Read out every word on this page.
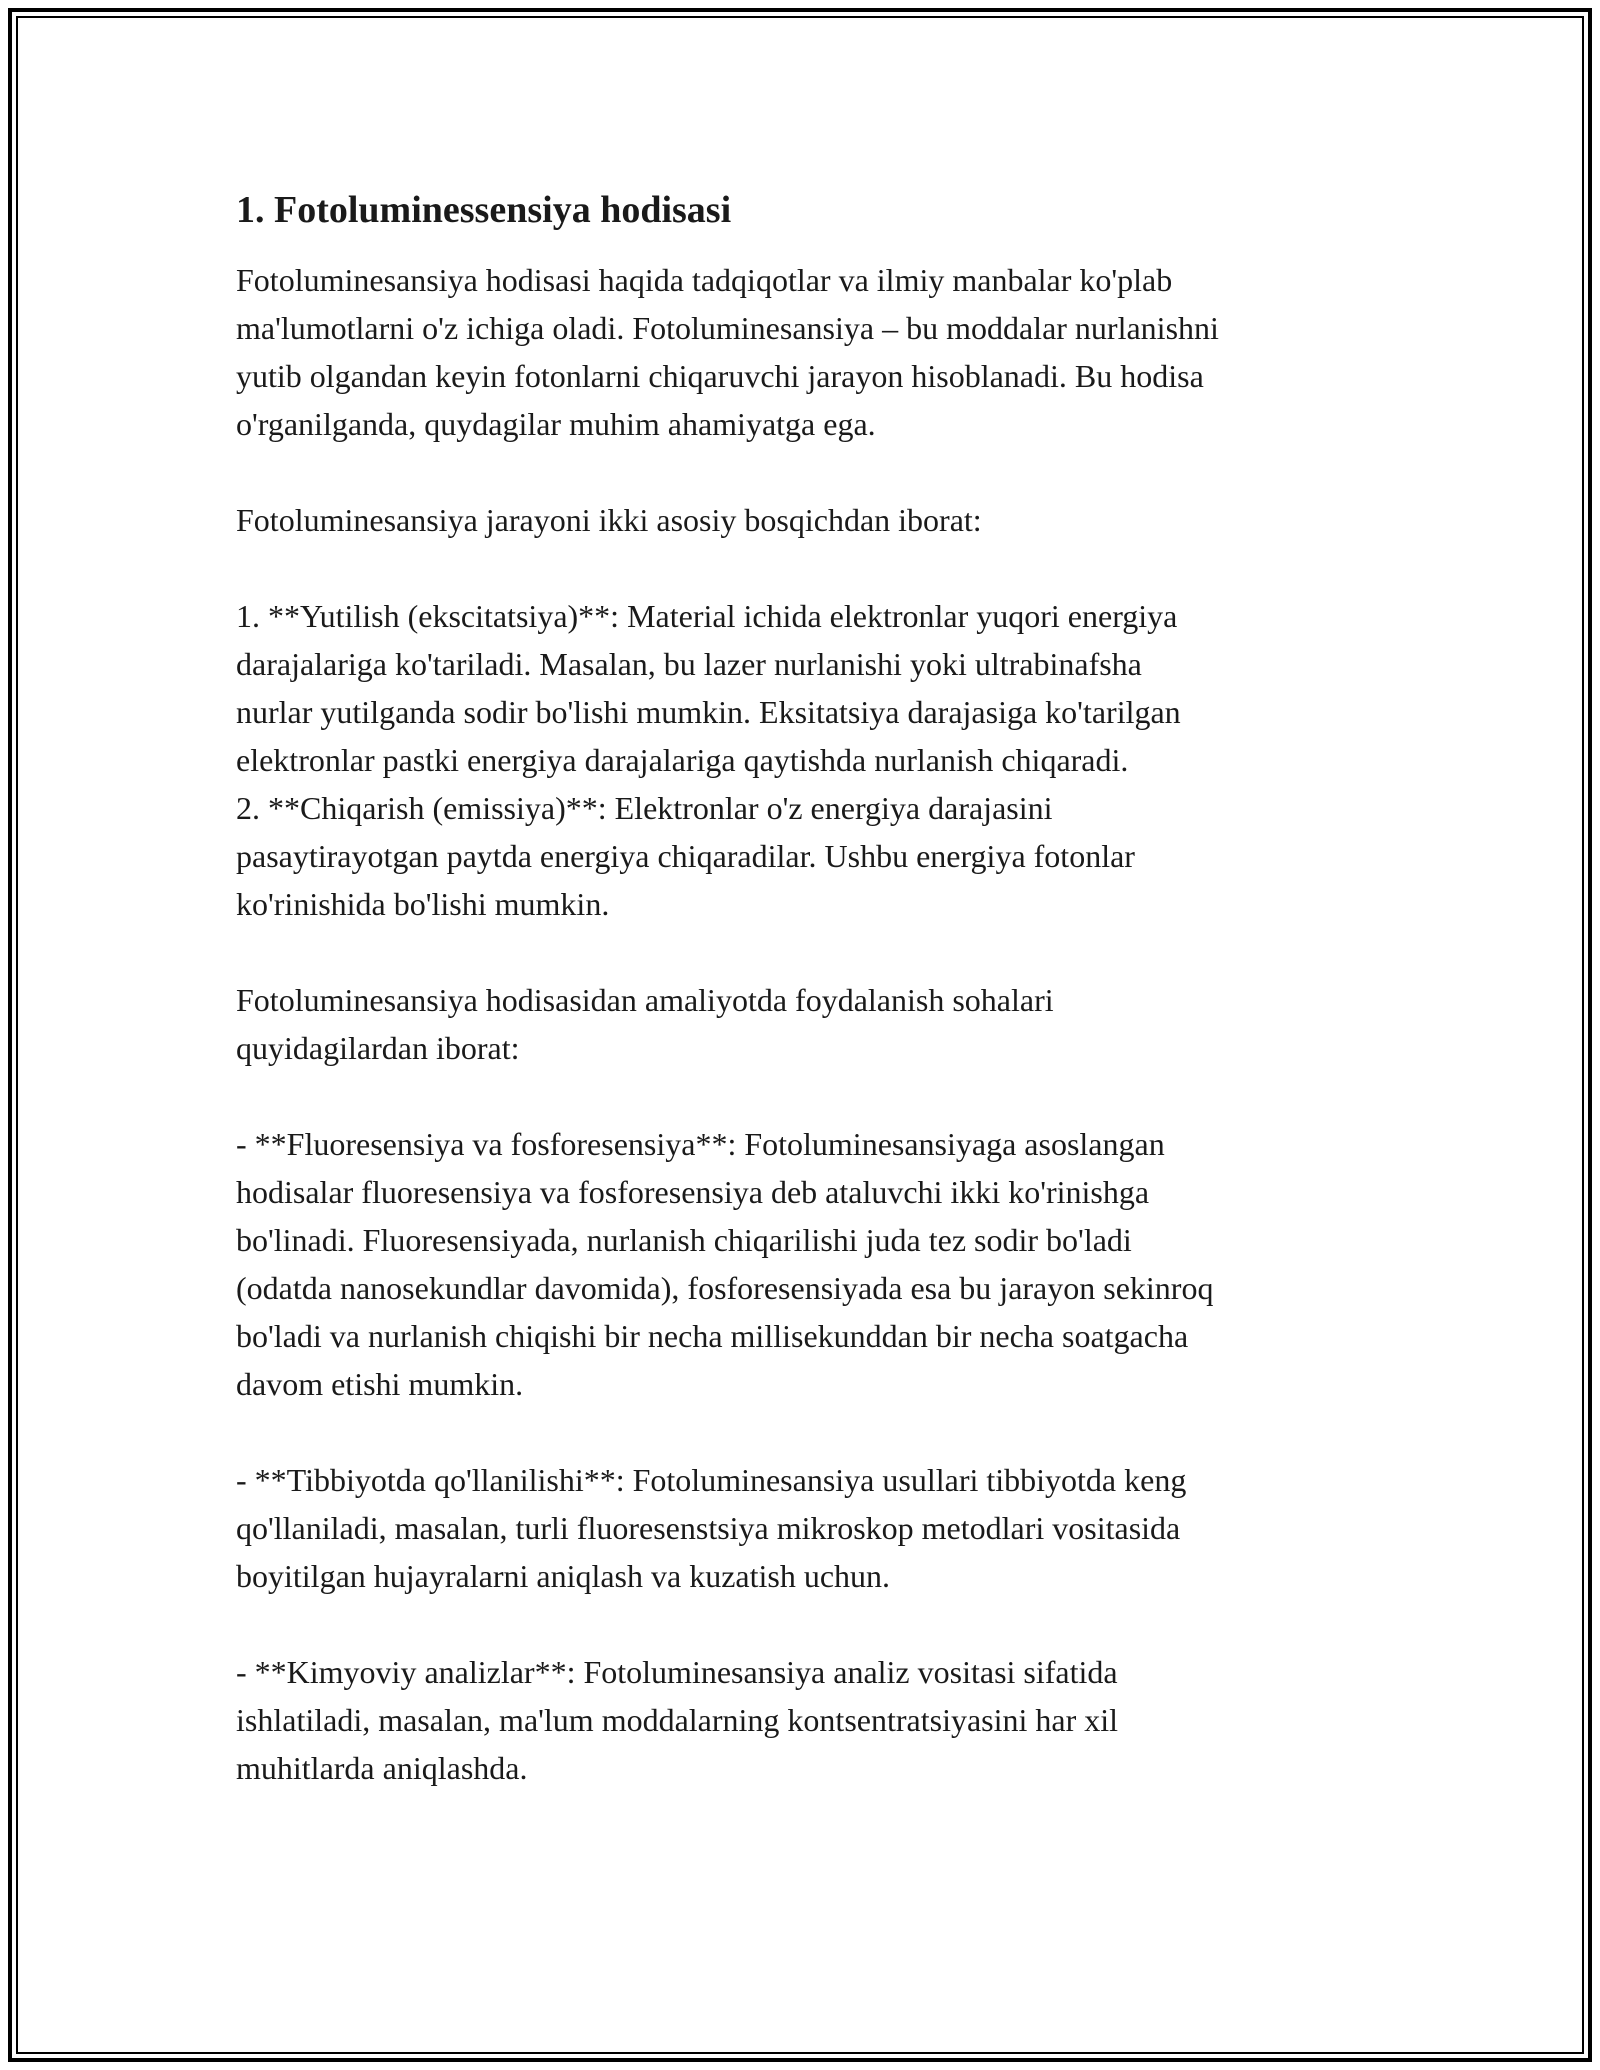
1. Fotoluminessensiya hodisasi

Fotoluminesansiya hodisasi haqida tadqiqotlar va ilmiy manbalar ko'plab
ma'lumotlarni o'z ichiga oladi. Fotoluminesansiya – bu moddalar nurlanishni
yutib olgandan keyin fotonlarni chiqaruvchi jarayon hisoblanadi. Bu hodisa
o'rganilganda, quydagilar muhim ahamiyatga ega.

Fotoluminesansiya jarayoni ikki asosiy bosqichdan iborat:

1. **Yutilish (ekscitatsiya)**: Material ichida elektronlar yuqori energiya
darajalariga ko'tariladi. Masalan, bu lazer nurlanishi yoki ultrabinafsha
nurlar yutilganda sodir bo'lishi mumkin. Eksitatsiya darajasiga ko'tarilgan
elektronlar pastki energiya darajalariga qaytishda nurlanish chiqaradi.

2. **Chiqarish (emissiya)**: Elektronlar o'z energiya darajasini
pasaytirayotgan paytda energiya chiqaradilar. Ushbu energiya fotonlar
ko'rinishida bo'lishi mumkin.

Fotoluminesansiya hodisasidan amaliyotda foydalanish sohalari
quyidagilardan iborat:

- **Fluoresensiya va fosforesensiya**: Fotoluminesansiyaga asoslangan
hodisalar fluoresensiya va fosforesensiya deb ataluvchi ikki ko'rinishga
bo'linadi. Fluoresensiyada, nurlanish chiqarilishi juda tez sodir bo'ladi
(odatda nanosekundlar davomida), fosforesensiyada esa bu jarayon sekinroq
bo'ladi va nurlanish chiqishi bir necha millisekunddan bir necha soatgacha
davom etishi mumkin.

- **Tibbiyotda qo'llanilishi**: Fotoluminesansiya usullari tibbiyotda keng
qo'llaniladi, masalan, turli fluoresenstsiya mikroskop metodlari vositasida
boyitilgan hujayralarni aniqlash va kuzatish uchun.

- **Kimyoviy analizlar**: Fotoluminesansiya analiz vositasi sifatida
ishlatiladi, masalan, ma'lum moddalarning kontsentratsiyasini har xil
muhitlarda aniqlashda.
